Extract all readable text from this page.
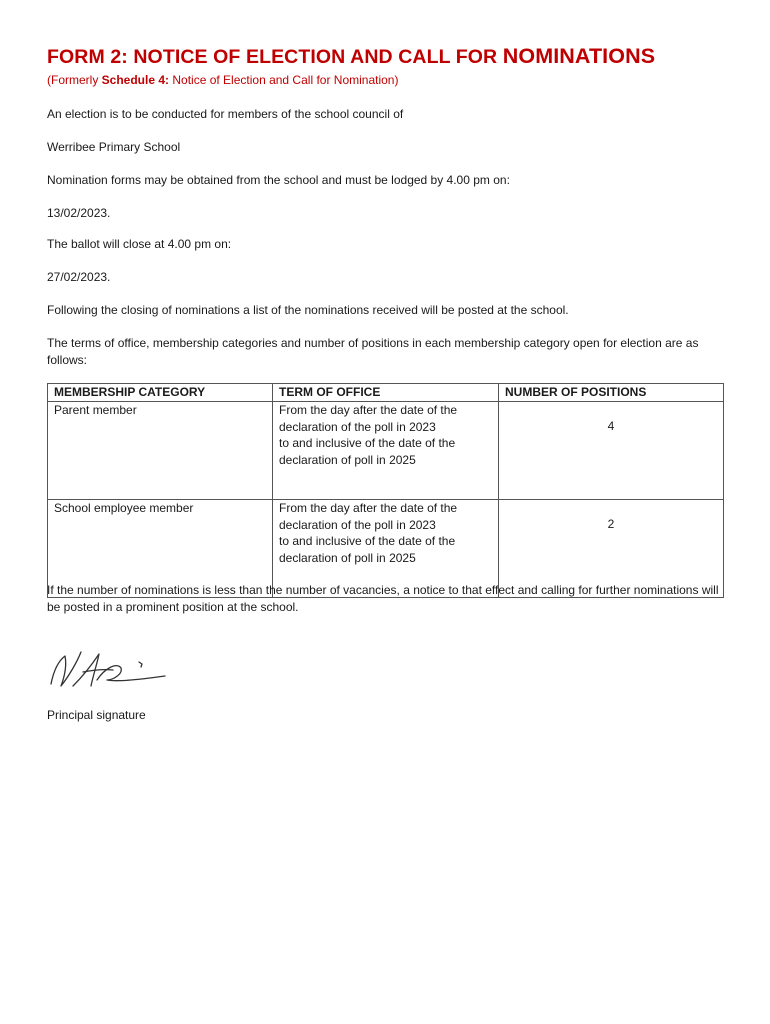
FORM 2: NOTICE OF ELECTION AND CALL FOR NOMINATIONS
(Formerly Schedule 4: Notice of Election and Call for Nomination)

An election is to be conducted for members of the school council of

Werribee Primary School

Nomination forms may be obtained from the school and must be lodged by 4.00 pm on:

13/02/2023.

The ballot will close at 4.00 pm on:

27/02/2023.

Following the closing of nominations a list of the nominations received will be posted at the school.

The terms of office, membership categories and number of positions in each membership category open for election are as follows:

MEMBERSHIP CATEGORY	TERM OF OFFICE	NUMBER OF POSITIONS
Parent member	From the day after the date of the
declaration of the poll in 2023
to and inclusive of the date of the
declaration of poll in 2025	4
School employee member	From the day after the date of the
declaration of the poll in 2023
to and inclusive of the date of the
declaration of poll in 2025	2

If the number of nominations is less than the number of vacancies, a notice to that effect and calling for further nominations will be posted in a prominent position at the school.

Principal signature
